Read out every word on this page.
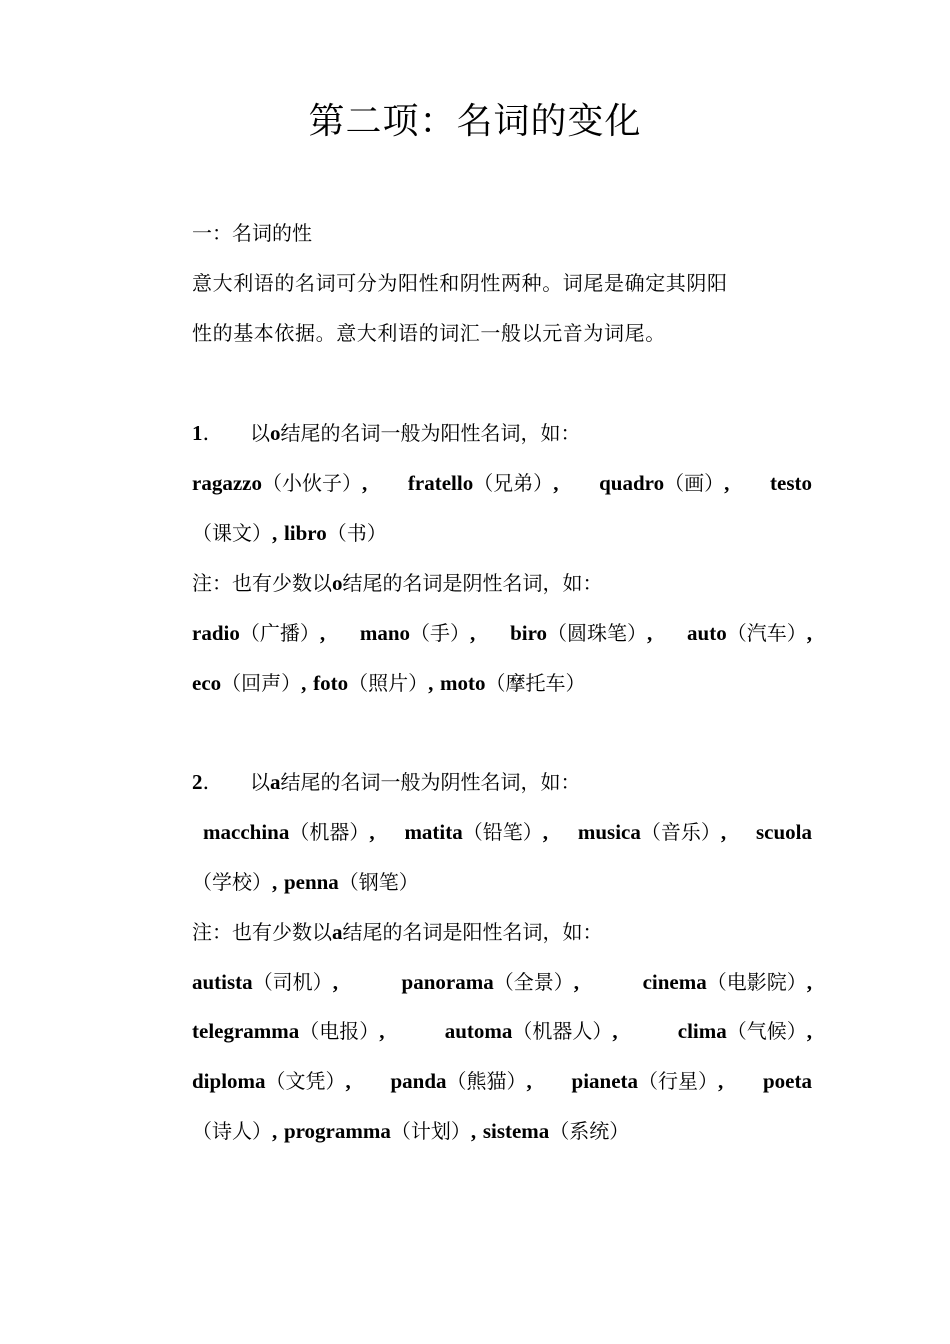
第二项：名词的变化
一：名词的性
意大利语的名词可分为阳性和阴性两种。词尾是确定其阴阳
性的基本依据。意大利语的词汇一般以元音为词尾。
1. 以o结尾的名词一般为阳性名词，如：
ragazzo（小伙子）, fratello（兄弟）, quadro（画）, testo
（课文）, libro（书）
注：也有少数以o结尾的名词是阴性名词，如：
radio（广播）, mano（手）, biro（圆珠笔）, auto（汽车）,
eco（回声）, foto（照片）, moto（摩托车）
2. 以a结尾的名词一般为阴性名词，如：
macchina（机器）, matita（铅笔）, musica（音乐）, scuola
（学校）, penna（钢笔）
注：也有少数以a结尾的名词是阳性名词，如：
autista（司机）,	panorama（全景）,	cinema（电影院）,
telegramma（电报）,	automa（机器人）,	clima（气候）,
diploma（文凭）, panda（熊猫）, pianeta（行星）, poeta
（诗人）, programma（计划）, sistema（系统）
